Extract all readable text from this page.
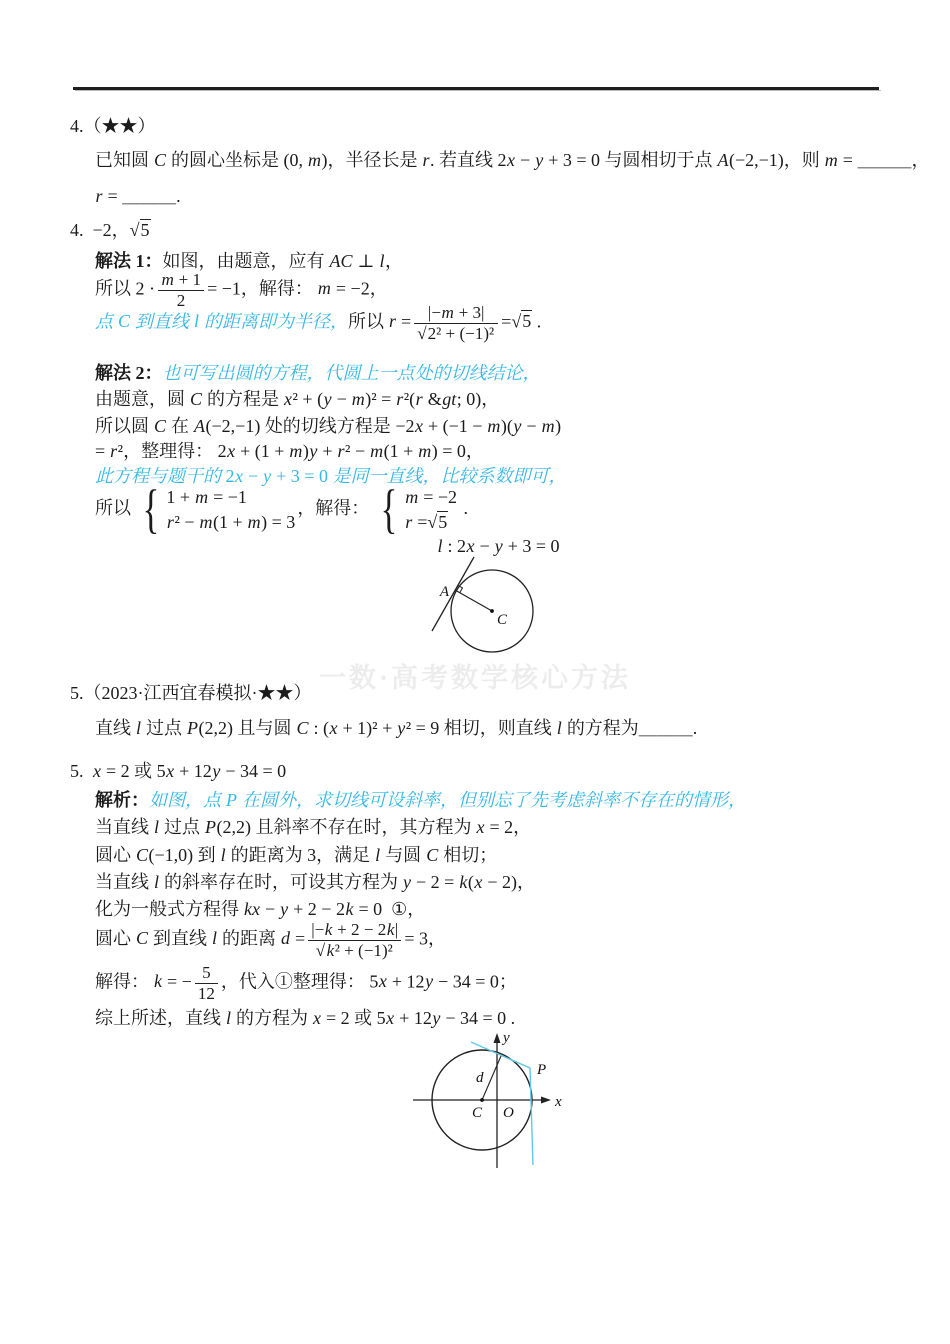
4.（★★）
已知圆 C 的圆心坐标是 (0, m)，半径长是 r. 若直线 2x − y + 3 = 0 与圆相切于点 A(−2,−1)，则 m = ＿＿＿，
r = ＿＿＿.
4.  −2，√5
解法 1：如图，由题意，应有 AC ⊥ l，
所以 $2 \cdot \frac{m + 1}{2} = -1$，解得： m = −2，
点 C 到直线 l 的距离即为半径，所以 $r = \frac{|-m + 3|}{\text{√2² + (−1)²}} =√5$ .
解法 2：也可写出圆的方程，代圆上一点处的切线结论，
由题意，圆 C 的方程是 x² + (y − m)² = r²(r &gt; 0)，
所以圆 C 在 A(−2,−1) 处的切线方程是 −2x + (−1 − m)(y − m)
= r²，整理得： 2x + (1 + m)y + r² − m(1 + m) = 0，
此方程与题干的 2x − y + 3 = 0 是同一直线，比较系数即可，
所以 { 1 + m = −1
r² − m(1 + m) = 3
，解得： { m = −2
r =√5
.
l : 2x − y + 3 = 0
A
C
一数·高考数学核心方法
5.（2023·江西宜春模拟·★★）
直线 l 过点 P(2,2) 且与圆 C : (x + 1)² + y² = 9 相切，则直线 l 的方程为＿＿＿.
5.  x = 2 或 5x + 12y − 34 = 0
解析：如图，点 P 在圆外，求切线可设斜率，但别忘了先考虑斜率不存在的情形，
当直线 l 过点 P(2,2) 且斜率不存在时，其方程为 x = 2，
圆心 C(−1,0) 到 l 的距离为 3，满足 l 与圆 C 相切；
当直线 l 的斜率存在时，可设其方程为 y − 2 = k(x − 2)，
化为一般式方程得 kx − y + 2 − 2k = 0  ①，
圆心 C 到直线 l 的距离 $d = \frac{|-k + 2 - 2k|}{\text{√k² + (−1)²}} = 3$，
解得： k = − $\frac{5}{12}$ ，代入①整理得： 5x + 12y − 34 = 0；
综上所述，直线 l 的方程为 x = 2 或 5x + 12y − 34 = 0 .
y
x
C O
P
d
